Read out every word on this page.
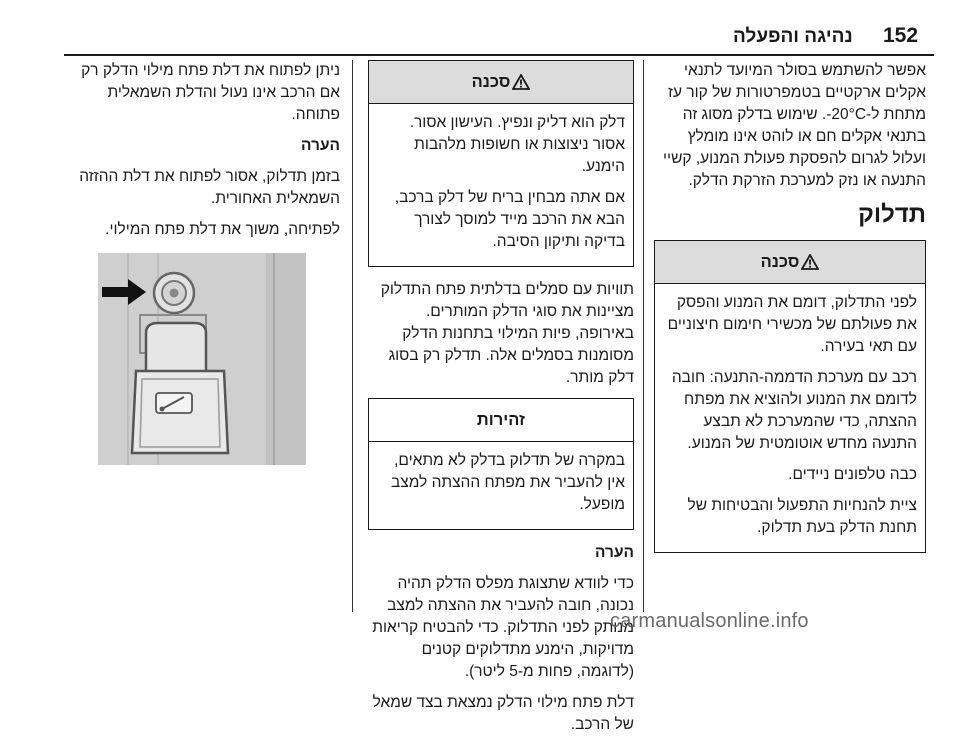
152
נהיגה והפעלה

אפשר להשתמש בסולר המיועד לתנאי אקלים ארקטיים בטמפרטורות של קור עז מתחת ל-‎-20°C‎. שימוש בדלק מסוג זה בתנאי אקלים חם או לוהט אינו מומלץ ועלול לגרום להפסקת פעולת המנוע, קשיי התנעה או נזק למערכת הזרקת הדלק.

תדלוק
סכנה

לפני התדלוק, דומם את המנוע והפסק את פעולתם של מכשירי חימום חיצוניים עם תאי בעירה.

רכב עם מערכת הדממה-התנעה: חובה לדומם את המנוע ולהוציא את מפתח ההצתה, כדי שהמערכת לא תבצע התנעה מחדש אוטומטית של המנוע.

כבה טלפונים ניידים.

ציית להנחיות התפעול והבטיחות של תחנת הדלק בעת תדלוק.

סכנה

דלק הוא דליק ונפיץ. העישון אסור. אסור ניצוצות או חשופות מלהבות הימנע.

אם אתה מבחין בריח של דלק ברכב, הבא את הרכב מייד למוסך לצורך בדיקה ותיקון הסיבה.

תוויות עם סמלים בדלתית פתח התדלוק מציינות את סוגי הדלק המותרים. באירופה, פיות המילוי בתחנות הדלק מסומנות בסמלים אלה. תדלק רק בסוג דלק מותר.

זהירות

במקרה של תדלוק בדלק לא מתאים, אין להעביר את מפתח ההצתה למצב מופעל.

הערה

כדי לוודא שתצוגת מפלס הדלק תהיה נכונה, חובה להעביר את ההצתה למצב מנותק לפני התדלוק. כדי להבטיח קריאות מדויקות, הימנע מתדלוקים קטנים (לדוגמה, פחות מ-5 ליטר).

דלת פתח מילוי הדלק נמצאת בצד שמאל של הרכב.

ניתן לפתוח את דלת פתח מילוי הדלק רק אם הרכב אינו נעול והדלת השמאלית פתוחה.

הערה

בזמן תדלוק, אסור לפתוח את דלת ההזזה השמאלית האחורית.

לפתיחה, משוך את דלת פתח המילוי.

carmanualsonline.info
